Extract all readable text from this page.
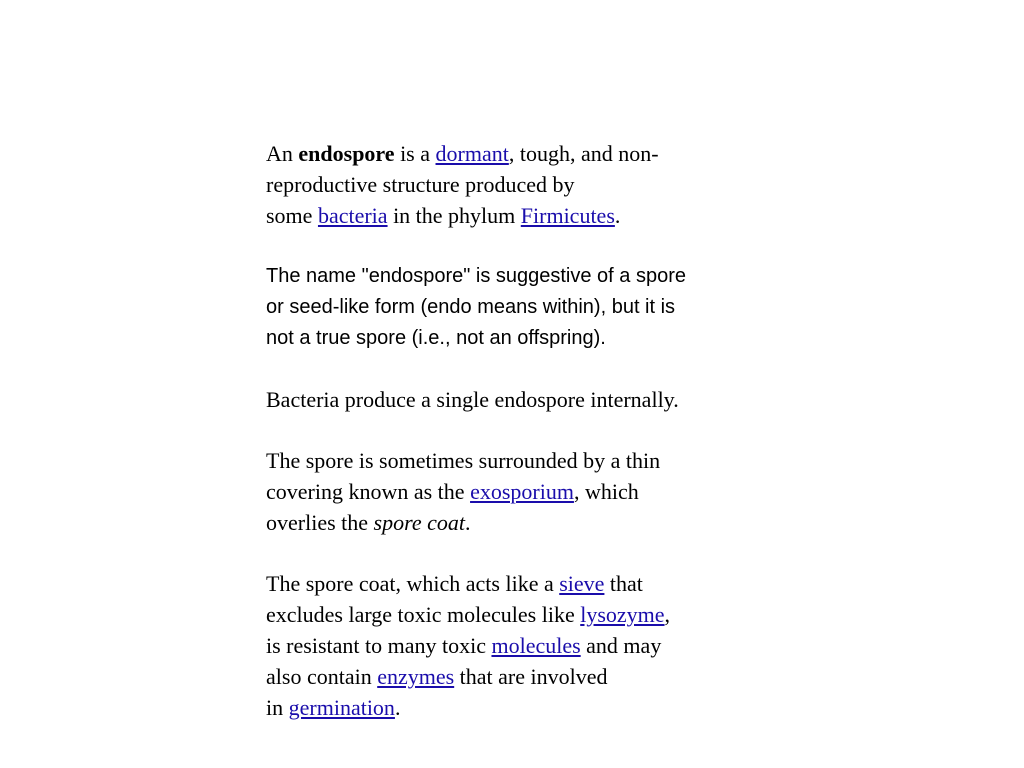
An endospore is a dormant, tough, and non-
reproductive structure produced by
some bacteria in the phylum Firmicutes.
The name "endospore" is suggestive of a spore
or seed-like form (endo means within), but it is
not a true spore (i.e., not an offspring).
Bacteria produce a single endospore internally.
The spore is sometimes surrounded by a thin
covering known as the exosporium, which
overlies the spore coat.
The spore coat, which acts like a sieve that
excludes large toxic molecules like lysozyme,
is resistant to many toxic molecules and may
also contain enzymes that are involved
in germination.
